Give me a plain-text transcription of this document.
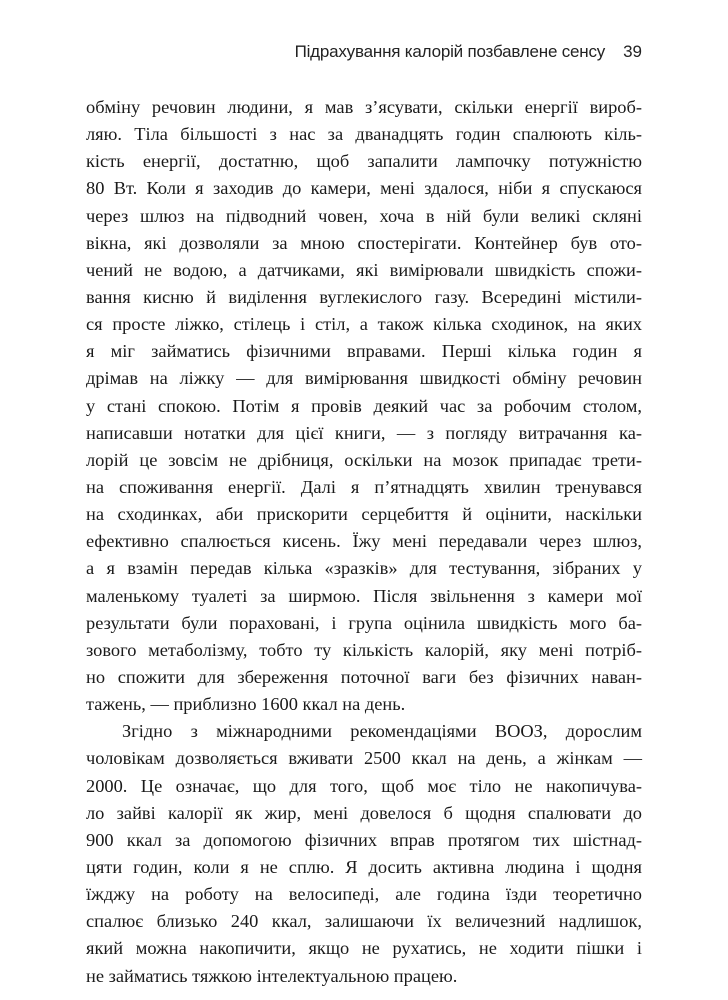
Підрахування калорій позбавлене сенсу 39
обміну речовин людини, я мав з’ясувати, скільки енергії вироб-
ляю. Тіла більшості з нас за дванадцять годин спалюють кіль-
кість енергії, достатню, щоб запалити лампочку потужністю
80 Вт. Коли я заходив до камери, мені здалося, ніби я спускаюся
через шлюз на підводний човен, хоча в ній були великі скляні
вікна, які дозволяли за мною спостерігати. Контейнер був ото-
чений не водою, а датчиками, які вимірювали швидкість спожи-
вання кисню й виділення вуглекислого газу. Всередині містили-
ся просте ліжко, стілець і стіл, а також кілька сходинок, на яких
я міг займатись фізичними вправами. Перші кілька годин я
дрімав на ліжку — для вимірювання швидкості обміну речовин
у стані спокою. Потім я провів деякий час за робочим столом,
написавши нотатки для цієї книги, — з погляду витрачання ка-
лорій це зовсім не дрібниця, оскільки на мозок припадає трети-
на споживання енергії. Далі я п’ятнадцять хвилин тренувався
на сходинках, аби прискорити серцебиття й оцінити, наскільки
ефективно спалюється кисень. Їжу мені передавали через шлюз,
а я взамін передав кілька «зразків» для тестування, зібраних у
маленькому туалеті за ширмою. Після звільнення з камери мої
результати були пораховані, і група оцінила швидкість мого ба-
зового метаболізму, тобто ту кількість калорій, яку мені потріб-
но спожити для збереження поточної ваги без фізичних наван-
тажень, — приблизно 1600 ккал на день.
Згідно з міжнародними рекомендаціями ВООЗ, дорослим
чоловікам дозволяється вживати 2500 ккал на день, а жінкам —
2000. Це означає, що для того, щоб моє тіло не накопичува-
ло зайві калорії як жир, мені довелося б щодня спалювати до
900 ккал за допомогою фізичних вправ протягом тих шістнад-
цяти годин, коли я не сплю. Я досить активна людина і щодня
їжджу на роботу на велосипеді, але година їзди теоретично
спалює близько 240 ккал, залишаючи їх величезний надлишок,
який можна накопичити, якщо не рухатись, не ходити пішки і
не займатись тяжкою інтелектуальною працею.
